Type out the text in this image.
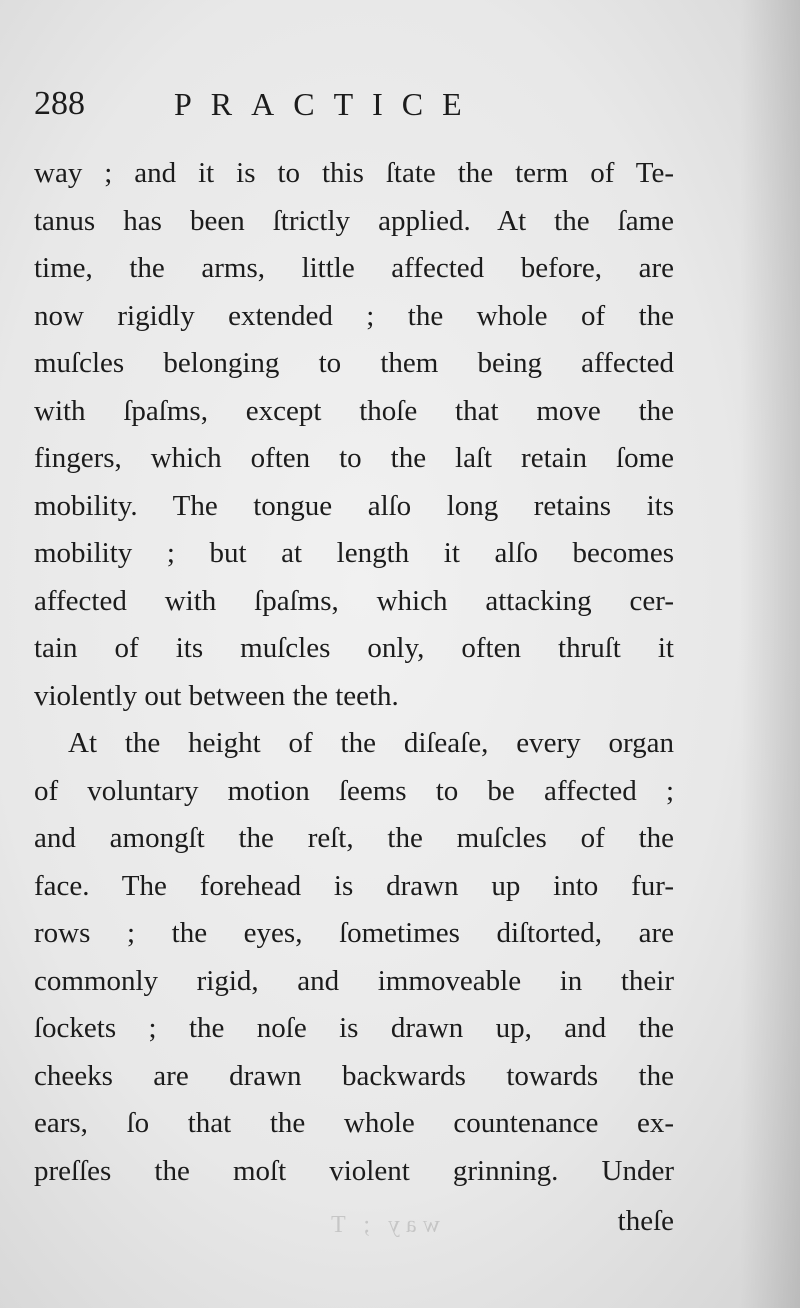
288	PRACTICE
way ; and it is to this ſtate the term of Te-
tanus has been ſtrictly applied. At the ſame
time, the arms, little affected before, are
now rigidly extended ; the whole of the
muſcles belonging to them being affected
with ſpaſms, except thoſe that move the
fingers, which often to the laſt retain ſome
mobility. The tongue alſo long retains its
mobility ; but at length it alſo becomes
affected with ſpaſms, which attacking cer-
tain of its muſcles only, often thruſt it
violently out between the teeth.
At the height of the diſeaſe, every organ
of voluntary motion ſeems to be affected ;
and amongſt the reſt, the muſcles of the
face. The forehead is drawn up into fur-
rows ; the eyes, ſometimes diſtorted, are
commonly rigid, and immoveable in their
ſockets ; the noſe is drawn up, and the
cheeks are drawn backwards towards the
ears, ſo that the whole countenance ex-
preſſes the moſt violent grinning. Under
theſe
way ; T
